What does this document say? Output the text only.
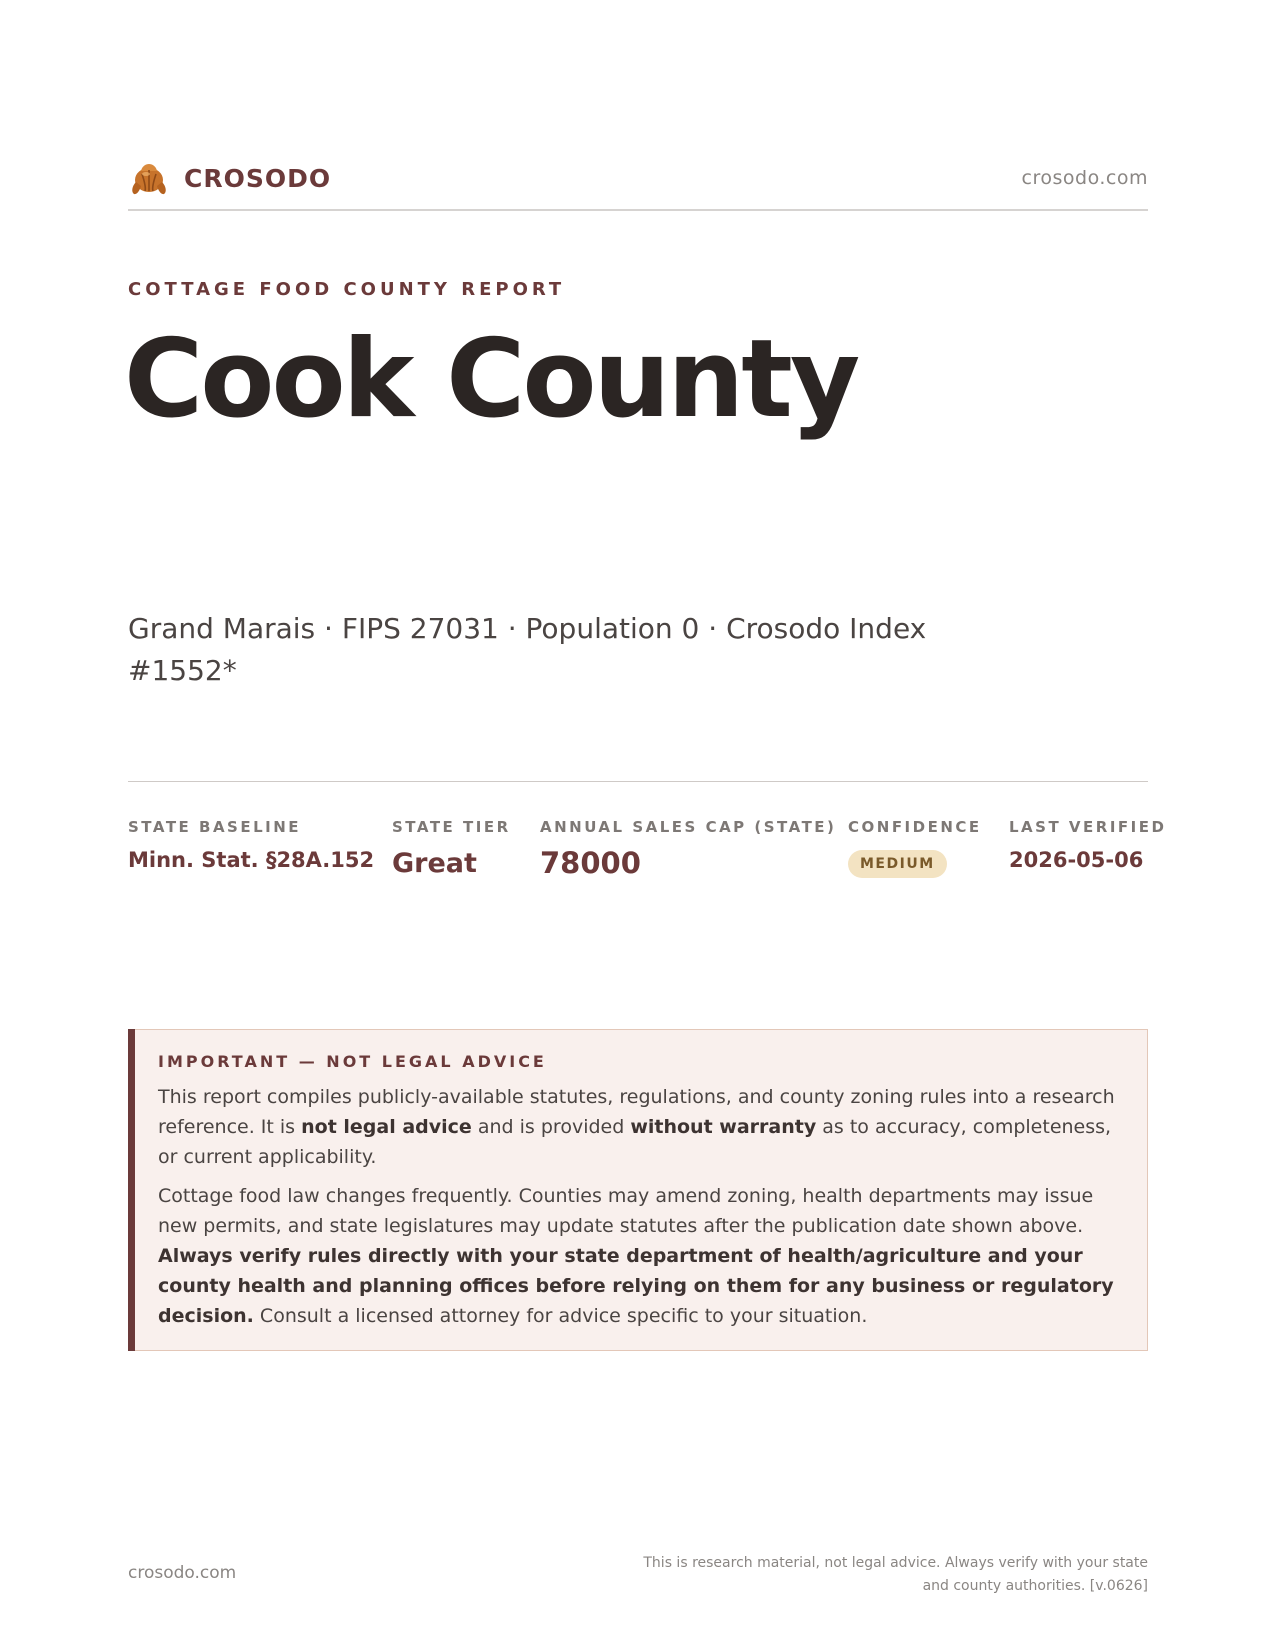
CROSODO	crosodo.com
COTTAGE FOOD COUNTY REPORT
Cook County
Grand Marais · FIPS 27031 · Population 0 · Crosodo Index #1552*
STATE BASELINE
Minn. Stat. §28A.152
STATE TIER
Great
ANNUAL SALES CAP (STATE)
78000
CONFIDENCE
MEDIUM
LAST VERIFIED
2026-05-06
IMPORTANT — NOT LEGAL ADVICE

This report compiles publicly-available statutes, regulations, and county zoning rules into a research reference. It is not legal advice and is provided without warranty as to accuracy, completeness, or current applicability.

Cottage food law changes frequently. Counties may amend zoning, health departments may issue new permits, and state legislatures may update statutes after the publication date shown above. Always verify rules directly with your state department of health/agriculture and your county health and planning offices before relying on them for any business or regulatory decision. Consult a licensed attorney for advice specific to your situation.

crosodo.com	This is research material, not legal advice. Always verify with your state
and county authorities. [v.0626]
